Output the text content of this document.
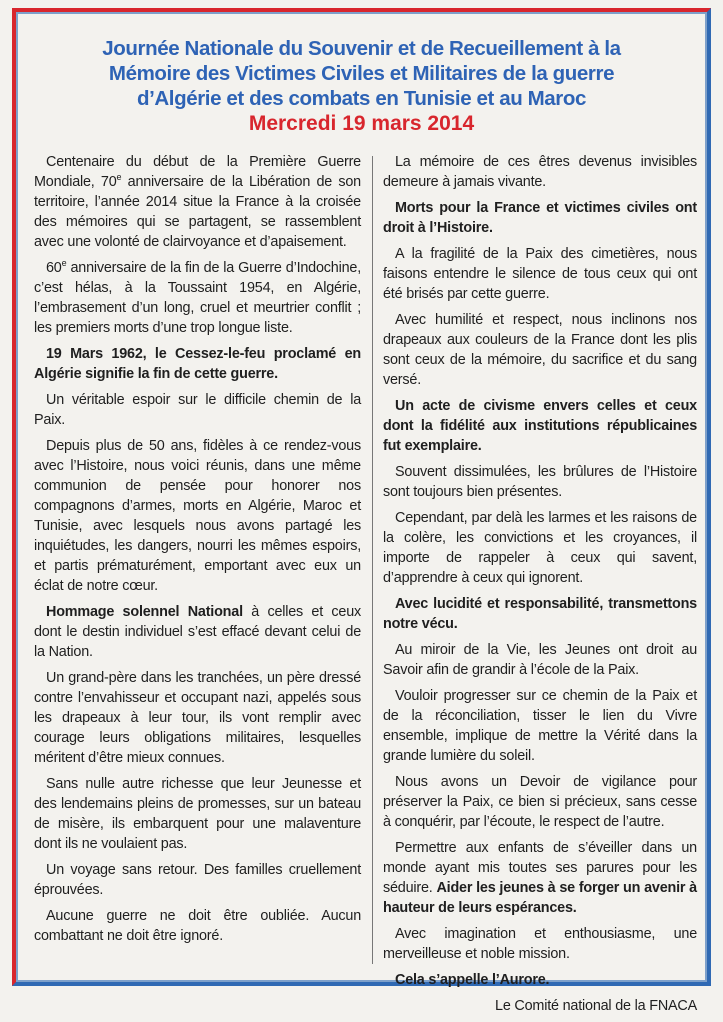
Journée Nationale du Souvenir et de Recueillement à la

Mémoire des Victimes Civiles et Militaires de la guerre

d’Algérie et des combats en Tunisie et au Maroc

Mercredi 19 mars 2014

Centenaire du début de la Première Guerre Mondiale, 70e anniversaire de la Libération de son territoire, l’année 2014 situe la France à la croisée des mémoires qui se partagent, se rassemblent avec une volonté de clairvoyance et d’apaisement.

60e anniversaire de la fin de la Guerre d’Indochine, c’est hélas, à la Toussaint 1954, en Algérie, l’embrasement d’un long, cruel et meurtrier conflit ; les premiers morts d’une trop longue liste.

19 Mars 1962, le Cessez-le-feu proclamé en Algérie signifie la fin de cette guerre.

Un véritable espoir sur le difficile chemin de la Paix.

Depuis plus de 50 ans, fidèles à ce rendez-vous avec l’Histoire, nous voici réunis, dans une même communion de pensée pour honorer nos compagnons d’armes, morts en Algérie, Maroc et Tunisie, avec lesquels nous avons partagé les inquiétudes, les dangers, nourri les mêmes espoirs, et partis prématurément, emportant avec eux un éclat de notre cœur.

Hommage solennel National à celles et ceux dont le destin individuel s’est effacé devant celui de la Nation.

Un grand-père dans les tranchées, un père dressé contre l’envahisseur et occupant nazi, appelés sous les drapeaux à leur tour, ils vont remplir avec courage leurs obligations militaires, lesquelles méritent d’être mieux connues.

Sans nulle autre richesse que leur Jeunesse et des lendemains pleins de promesses, sur un bateau de misère, ils embarquent pour une malaventure dont ils ne voulaient pas.

Un voyage sans retour. Des familles cruellement éprouvées.

Aucune guerre ne doit être oubliée. Aucun combattant ne doit être ignoré.

La mémoire de ces êtres devenus invisibles demeure à jamais vivante.

Morts pour la France et victimes civiles ont droit à l’Histoire.

A la fragilité de la Paix des cimetières, nous faisons entendre le silence de tous ceux qui ont été brisés par cette guerre.

Avec humilité et respect, nous inclinons nos drapeaux aux couleurs de la France dont les plis sont ceux de la mémoire, du sacrifice et du sang versé.

Un acte de civisme envers celles et ceux dont la fidélité aux institutions républicaines fut exemplaire.

Souvent dissimulées, les brûlures de l’Histoire sont toujours bien présentes.

Cependant, par delà les larmes et les raisons de la colère, les convictions et les croyances, il importe de rappeler à ceux qui savent, d’apprendre à ceux qui ignorent.

Avec lucidité et responsabilité, transmettons notre vécu.

Au miroir de la Vie, les Jeunes ont droit au Savoir afin de grandir à l’école de la Paix.

Vouloir progresser sur ce chemin de la Paix et de la réconciliation, tisser le lien du Vivre ensemble, implique de mettre la Vérité dans la grande lumière du soleil.

Nous avons un Devoir de vigilance pour préserver la Paix, ce bien si précieux, sans cesse à conquérir, par l’écoute, le respect de l’autre.

Permettre aux enfants de s’éveiller dans un monde ayant mis toutes ses parures pour les séduire. Aider les jeunes à se forger un avenir à hauteur de leurs espérances.

Avec imagination et enthousiasme, une merveilleuse et noble mission.

Cela s’appelle l’Aurore.

Le Comité national de la FNACA
